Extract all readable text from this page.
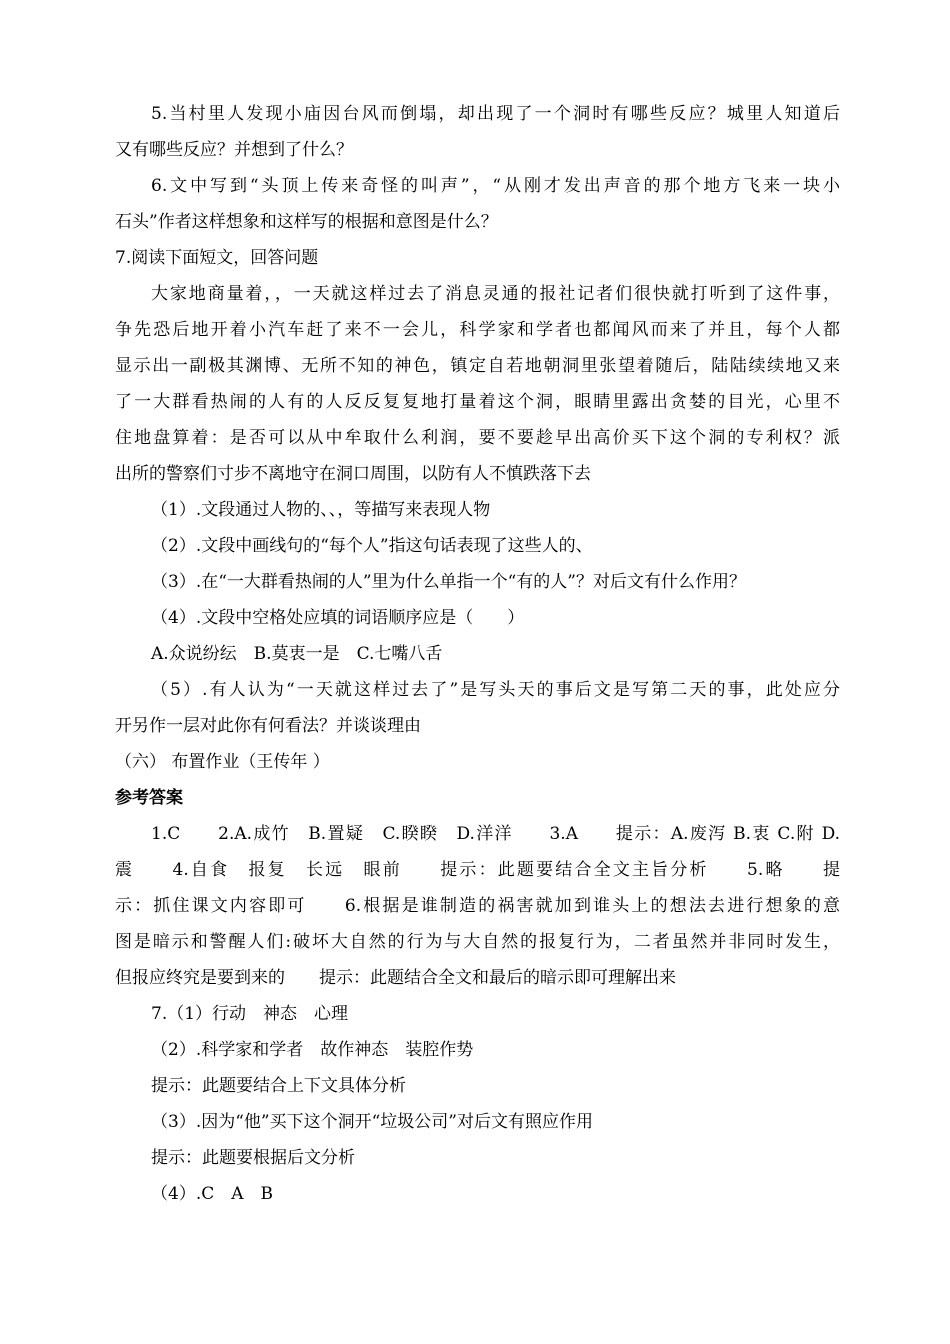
5.当村里人发现小庙因台风而倒塌，却出现了一个洞时有哪些反应？城里人知道后
又有哪些反应？并想到了什么？
6.文中写到“头顶上传来奇怪的叫声”，“从刚才发出声音的那个地方飞来一块小
石头”作者这样想象和这样写的根据和意图是什么？
7.阅读下面短文，回答问题
大家地商量着，，一天就这样过去了消息灵通的报社记者们很快就打听到了这件事，
争先恐后地开着小汽车赶了来不一会儿，科学家和学者也都闻风而来了并且，每个人都
显示出一副极其渊博、无所不知的神色，镇定自若地朝洞里张望着随后，陆陆续续地又来
了一大群看热闹的人有的人反反复复地打量着这个洞，眼睛里露出贪婪的目光，心里不
住地盘算着：是否可以从中牟取什么利润，要不要趁早出高价买下这个洞的专利权？派
出所的警察们寸步不离地守在洞口周围，以防有人不慎跌落下去
（1）.文段通过人物的、、，等描写来表现人物
（2）.文段中画线句的“每个人”指这句话表现了这些人的、
（3）.在“一大群看热闹的人”里为什么单指一个“有的人”？对后文有什么作用？
（4）.文段中空格处应填的词语顺序应是（　　）
A.众说纷纭　B.莫衷一是　C.七嘴八舌
（5）.有人认为“一天就这样过去了”是写头天的事后文是写第二天的事，此处应分
开另作一层对此你有何看法？并谈谈理由
（六） 布置作业（王传年 ）
参考答案
1.C　　2.A.成竹　B.置疑　C.睽睽　D.洋洋　　3.A　　提示：A.废泻 B.衷 C.附 D.
震　　4.自食　报复　长远　眼前　　提示：此题要结合全文主旨分析　　5.略　　提
示：抓住课文内容即可　　6.根据是谁制造的祸害就加到谁头上的想法去进行想象的意
图是暗示和警醒人们:破坏大自然的行为与大自然的报复行为，二者虽然并非同时发生，
但报应终究是要到来的　　提示：此题结合全文和最后的暗示即可理解出来
7.（1）行动　神态　心理
（2）.科学家和学者　故作神态　装腔作势
提示：此题要结合上下文具体分析
（3）.因为“他”买下这个洞开“垃圾公司”对后文有照应作用
提示：此题要根据后文分析
（4）.C　A　B
